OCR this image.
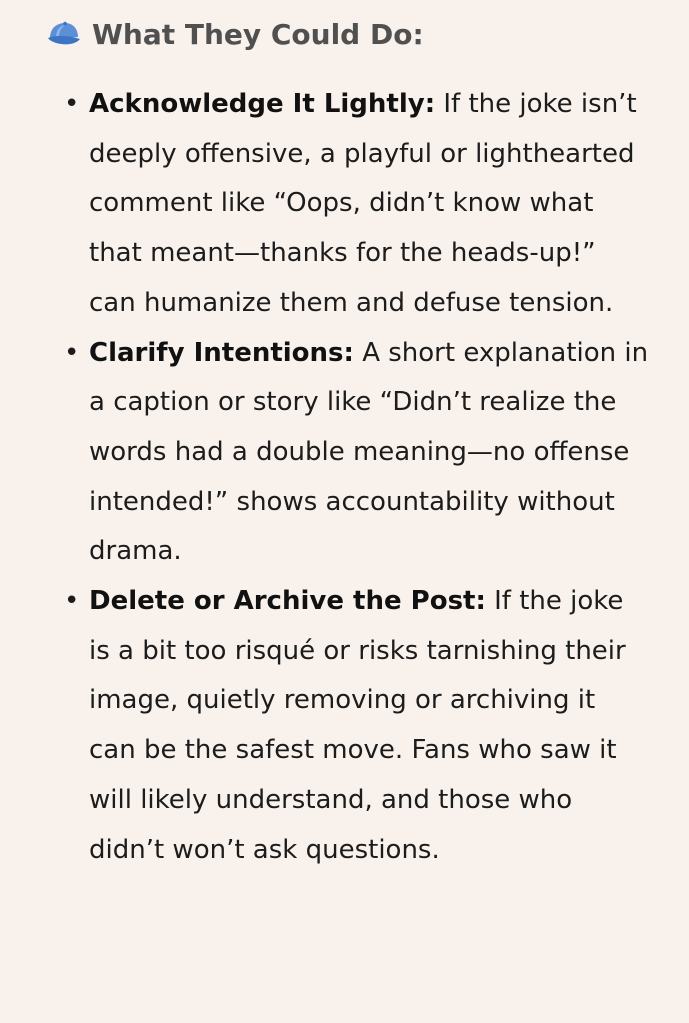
What They Could Do:
• Acknowledge It Lightly: If the joke isn’t deeply offensive, a playful or lighthearted comment like “Oops, didn’t know what that meant—thanks for the heads-up!” can humanize them and defuse tension.
• Clarify Intentions: A short explanation in a caption or story like “Didn’t realize the words had a double meaning—no offense intended!” shows accountability without drama.
• Delete or Archive the Post: If the joke is a bit too risqué or risks tarnishing their image, quietly removing or archiving it can be the safest move. Fans who saw it will likely understand, and those who didn’t won’t ask questions.
